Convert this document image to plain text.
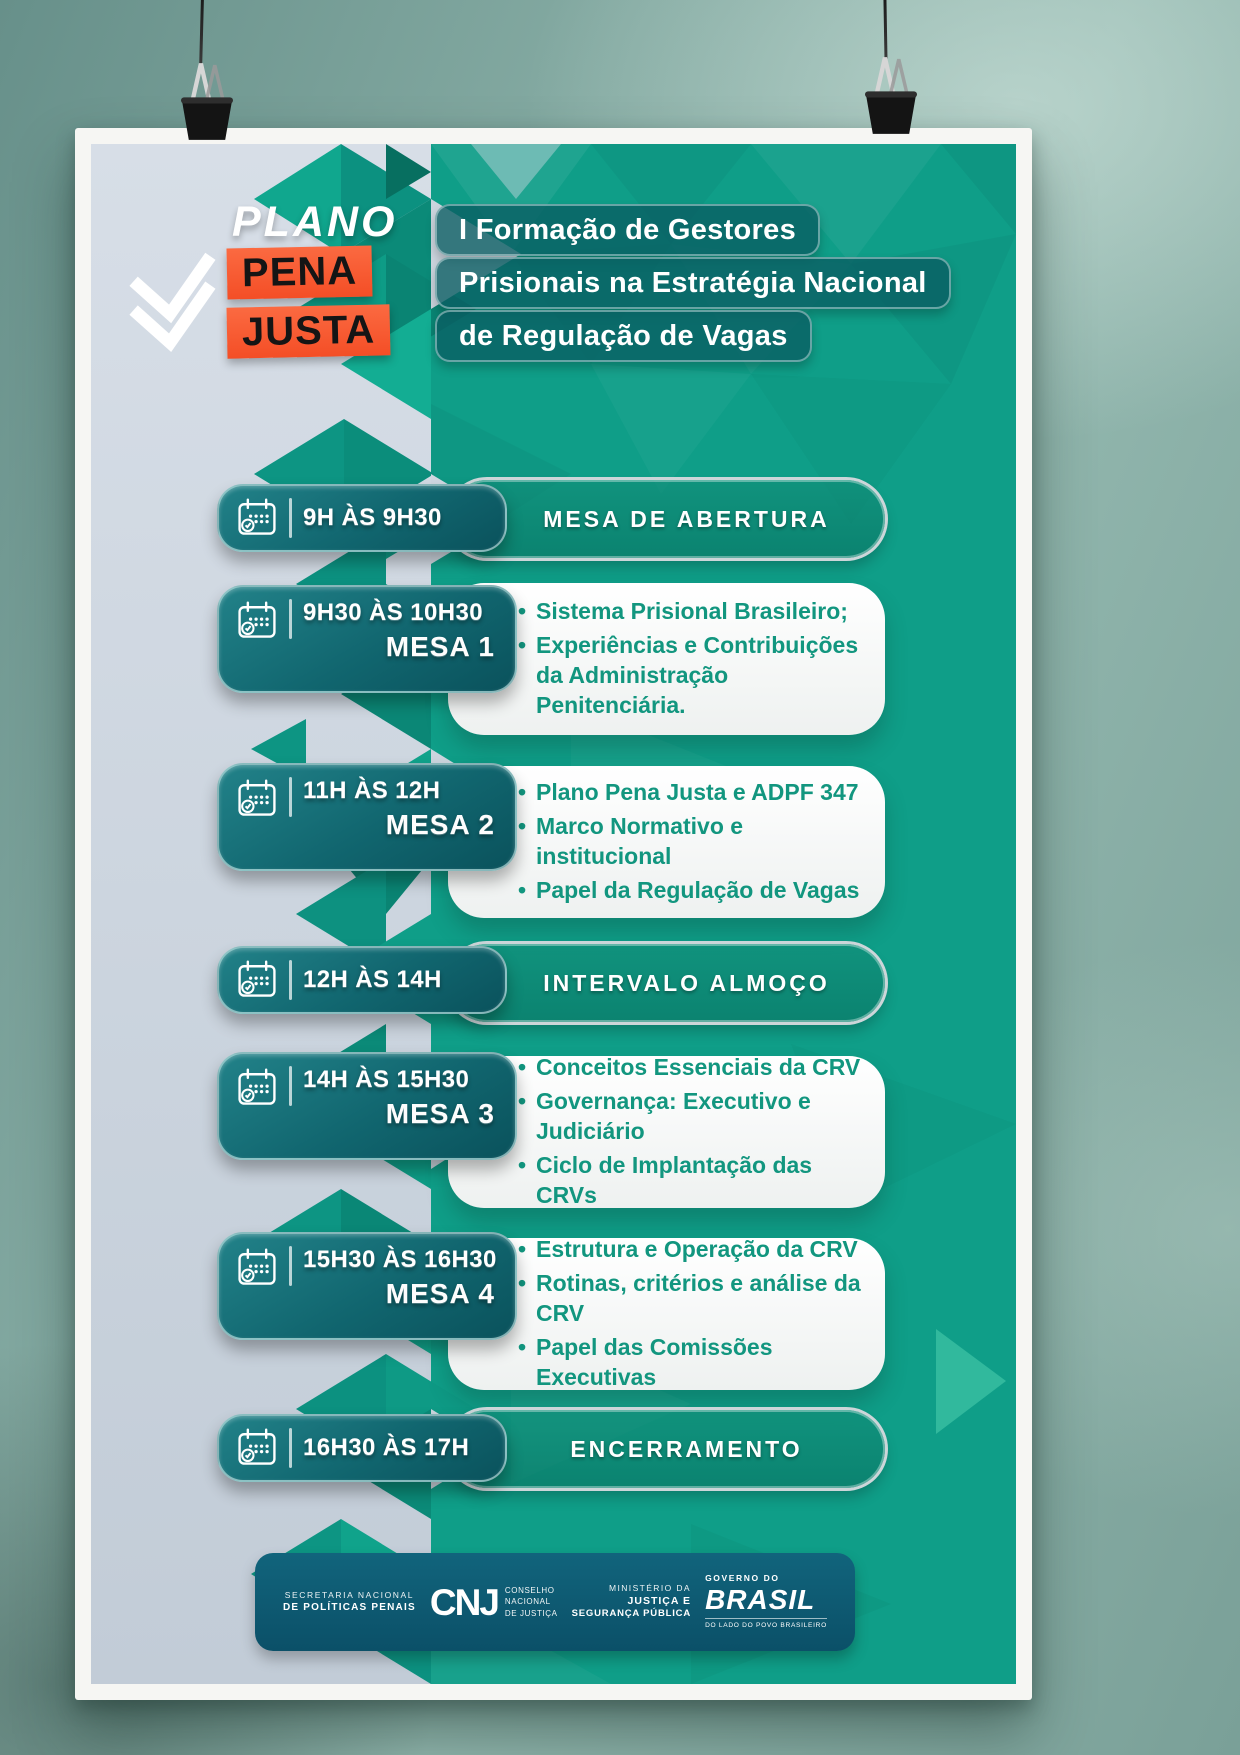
PLANO
PENA
JUSTA
I Formação de Gestores
Prisionais na Estratégia Nacional
de Regulação de Vagas
MESA DE ABERTURA
9H ÀS 9H30
• Sistema Prisional Brasileiro;
• Experiências e Contribuições da Administração Penitenciária.
9H30 ÀS 10H30
MESA 1
• Plano Pena Justa e ADPF 347
• Marco Normativo e institucional
• Papel da Regulação de Vagas
11H ÀS 12H
MESA 2
INTERVALO ALMOÇO
12H ÀS 14H
• Conceitos Essenciais da CRV
• Governança: Executivo e Judiciário
• Ciclo de Implantação das CRVs
14H ÀS 15H30
MESA 3
• Estrutura e Operação da CRV
• Rotinas, critérios e análise da CRV
• Papel das Comissões Executivas
15H30 ÀS 16H30
MESA 4
ENCERRAMENTO
16H30 ÀS 17H
SECRETARIA NACIONAL
DE POLÍTICAS PENAIS CNJ CONSELHO
NACIONAL
DE JUSTIÇA
MINISTÉRIO DA
JUSTIÇA E
SEGURANÇA PÚBLICA
GOVERNO DO
BRASIL
DO LADO DO POVO BRASILEIRO
